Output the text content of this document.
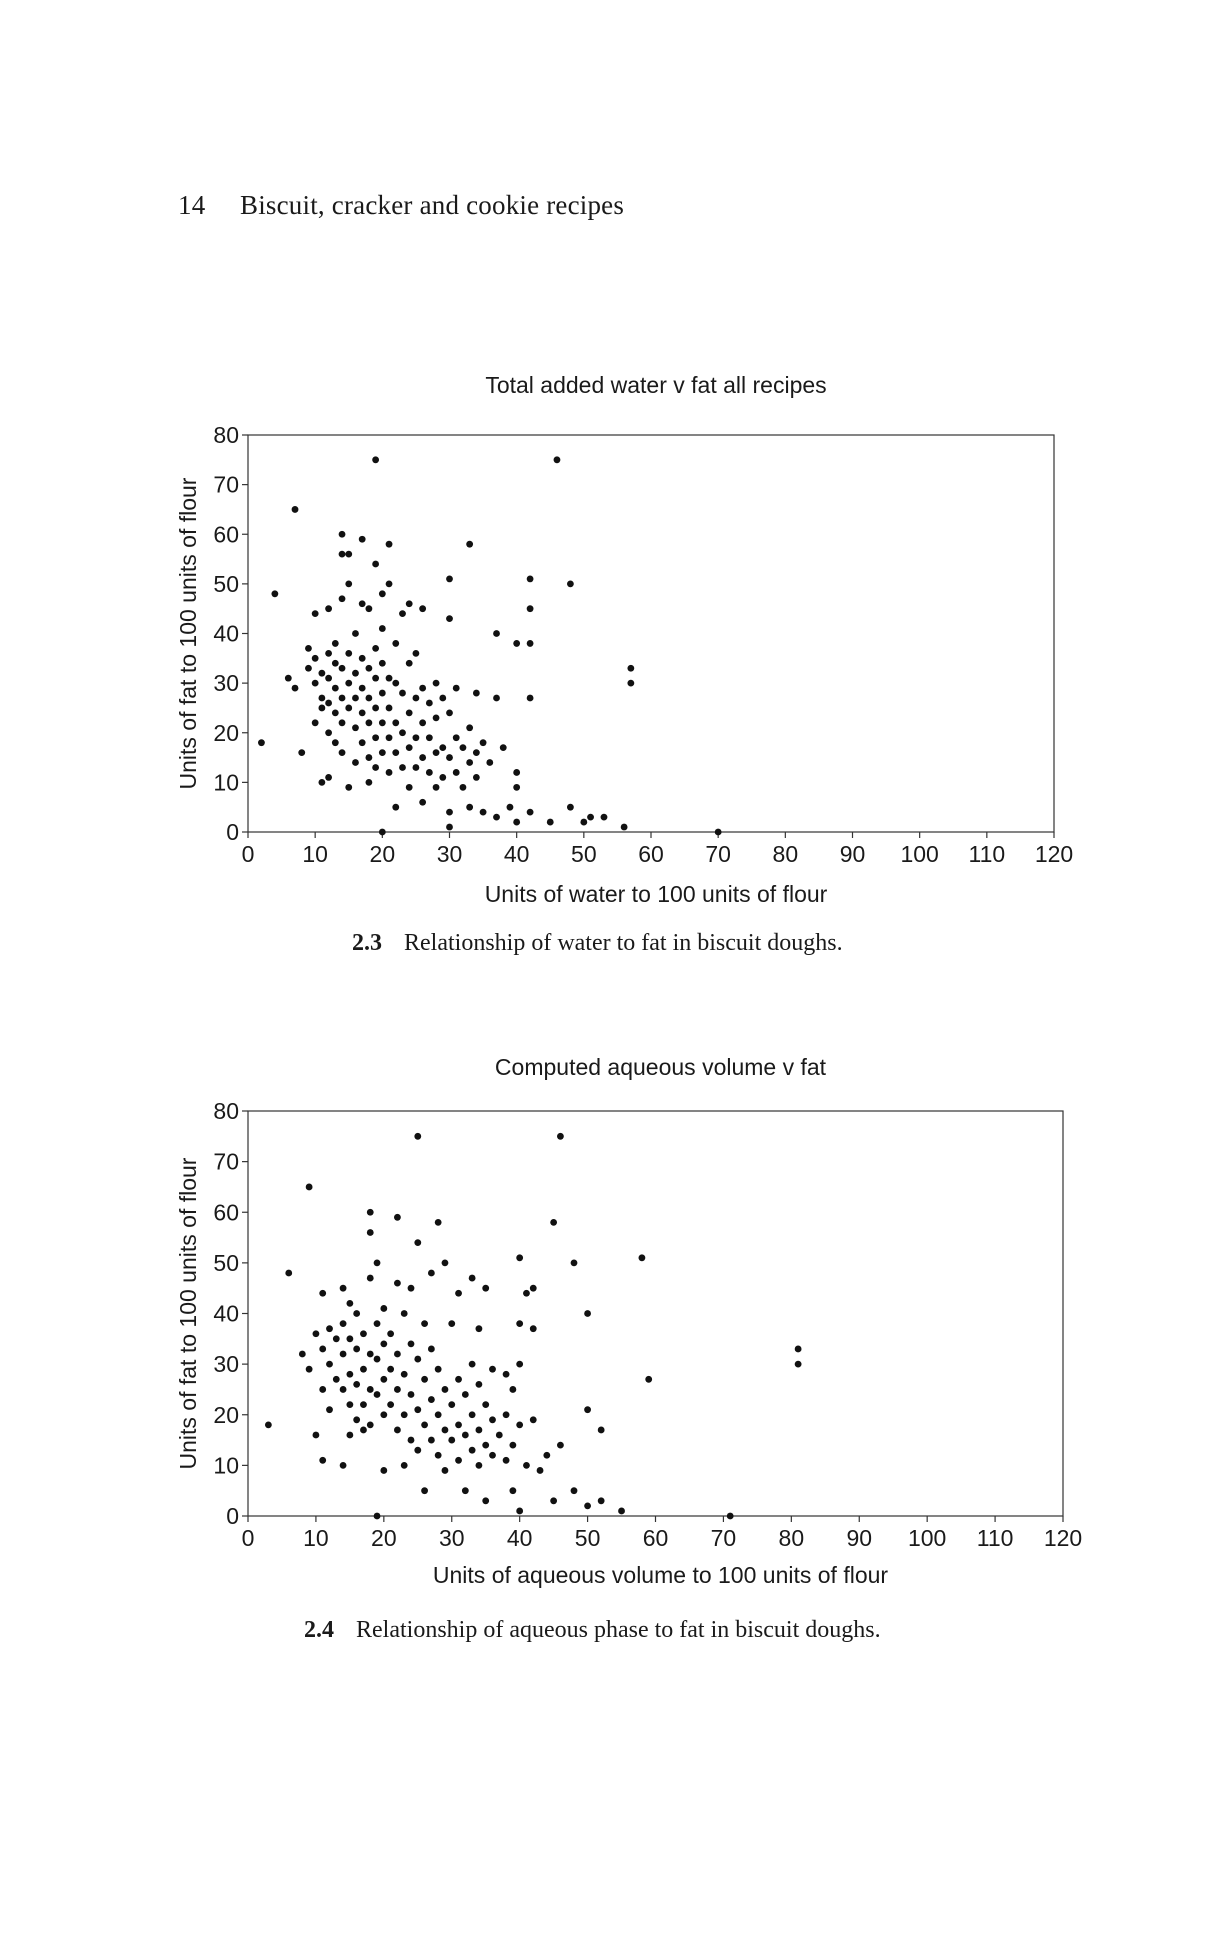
14 Biscuit, cracker and cookie recipes
Total added water v fat all recipes
0 10 20 30 40 50 60 70 80 90 100 110 120
0
10
20
30
40
50
60
70
80
Units of water to 100 units of flour
Units of fat to 100 units of flour
2.3 Relationship of water to fat in biscuit doughs.
Computed aqueous volume v fat
0 10 20 30 40 50 60 70 80 90 100 110 120
0
10
20
30
40
50
60
70
80
Units of aqueous volume to 100 units of flour
Units of fat to 100 units of flour
2.4 Relationship of aqueous phase to fat in biscuit doughs.
